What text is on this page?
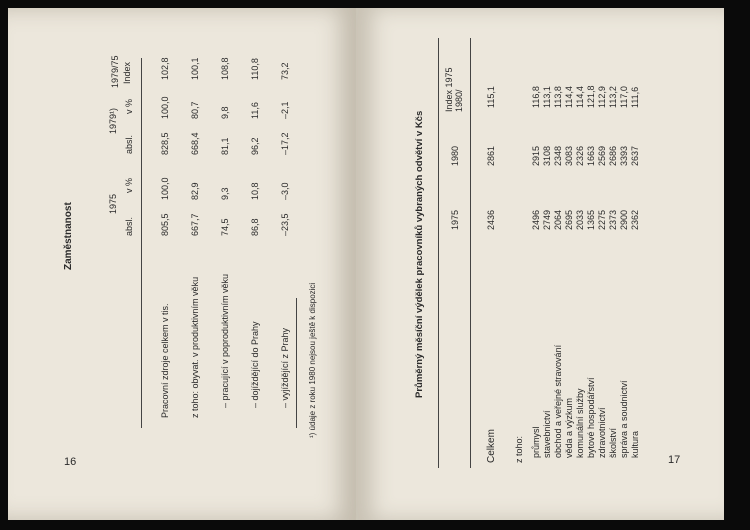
Zaměstnanost	1975
1979¹)
absl.
v %
absl.
v %
Index
1979/75
Pracovní zdroje celkem v tis.
805,5
100,0
828,5
100,0
102,8
z toho: obyvat. v produktivním věku
667,7
82,9
668,4
80,7
100,1
– pracující v poproduktivním věku
74,5
9,3
81,1
9,8
108,8
– dojíždějící do Prahy
86,8
10,8
96,2
11,6
110,8
– vyjíždějící z Prahy
–23,5
–3,0
–17,2
–2,1
73,2
¹) údaje z roku 1980 nejsou ještě k dispozici
16
Průměrný měsíční výdělek pracovníků vybraných odvětví v Kčs	1975
1980
Index 1975 1980/
Celkem
2436
2861
115,1
z toho: průmysl
2496
2915
116,8
stavebnictví
2749
3108
113,1
obchod a veřejné stravování
2064
2348
113,8
věda a výzkum
2695
3083
114,4
komunální služby
2033
2326
114,4
bytové hospodářství
1365
1663
121,8
zdravotnictví
2275
2569
112,9
školství
2373
2686
113,2
správa a soudnictví
2900
3393
117,0
kultura
2362
2637
111,6
17
